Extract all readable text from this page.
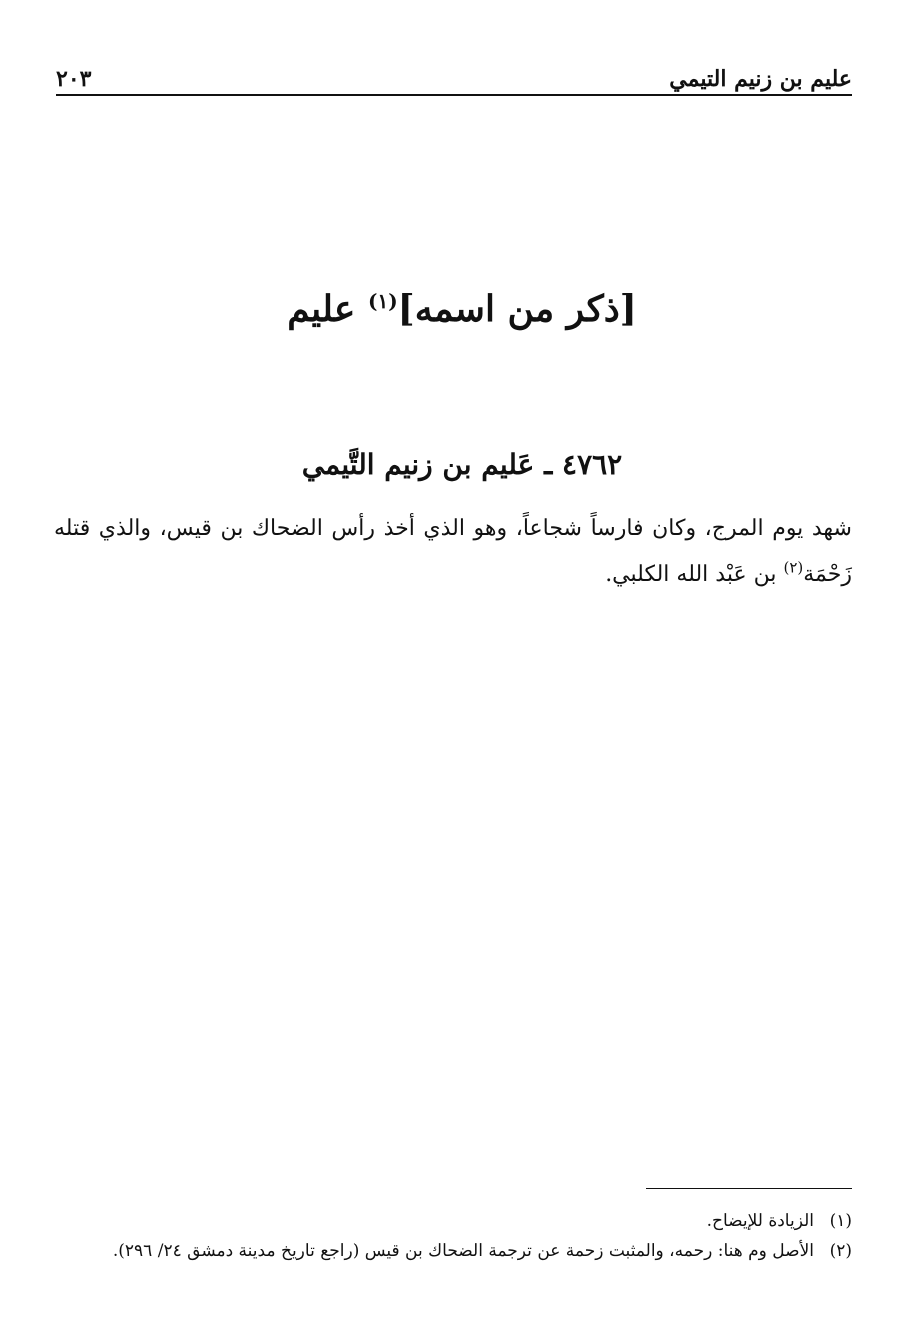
عليم بن زنيم التيمي
٢٠٣
[ذكر من اسمه]$^{(١)}$ عليم
٤٧٦٢ ـ عَليم بن زنيم التَّيمي
شهد يوم المرج، وكان فارساً شجاعاً، وهو الذي أخذ رأس الضحاك بن قيس، والذي قتله زَحْمَة$^{(٢)}$ بن عَبْد الله الكلبي.
(١)
الزيادة للإيضاح.
(٢)
الأصل وم هنا: رحمه، والمثبت زحمة عن ترجمة الضحاك بن قيس (راجع تاريخ مدينة دمشق ٢٤/ ٢٩٦).
